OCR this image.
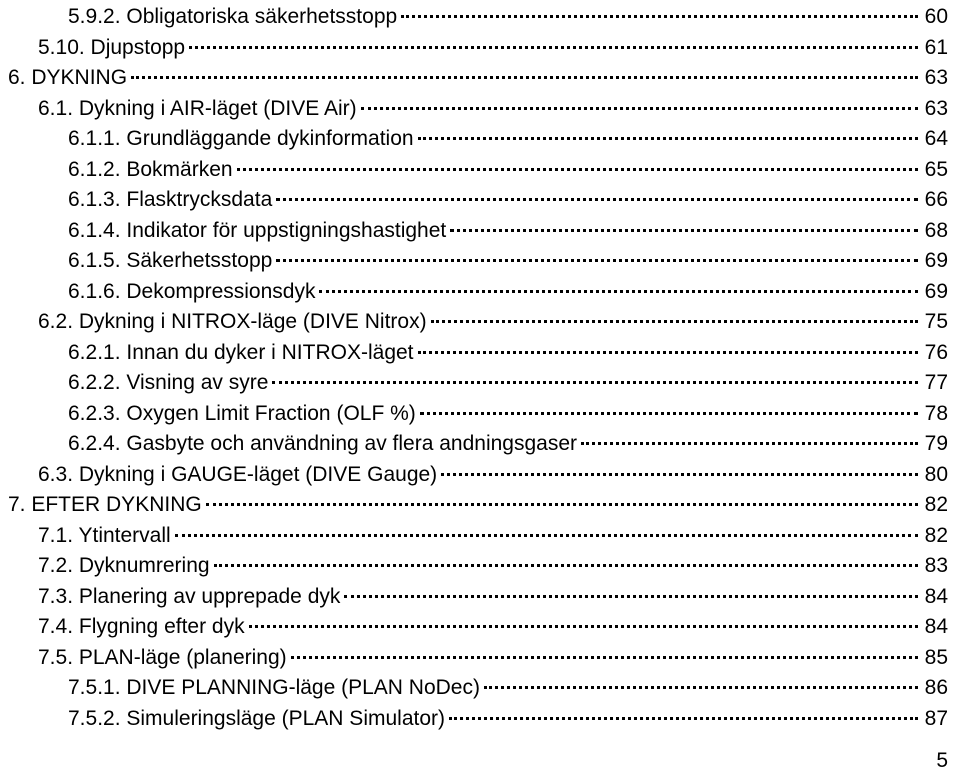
5.9.2. Obligatoriska säkerhetsstopp	60
5.10. Djupstopp	61
6. DYKNING	63
6.1. Dykning i AIR-läget (DIVE Air)	63
6.1.1. Grundläggande dykinformation	64
6.1.2. Bokmärken	65
6.1.3. Flasktrycksdata	66
6.1.4. Indikator för uppstigningshastighet	68
6.1.5. Säkerhetsstopp	69
6.1.6. Dekompressionsdyk	69
6.2. Dykning i NITROX-läge (DIVE Nitrox)	75
6.2.1. Innan du dyker i NITROX-läget	76
6.2.2. Visning av syre	77
6.2.3. Oxygen Limit Fraction (OLF %)	78
6.2.4. Gasbyte och användning av flera andningsgaser	79
6.3. Dykning i GAUGE-läget (DIVE Gauge)	80
7. EFTER DYKNING	82
7.1. Ytintervall	82
7.2. Dyknumrering	83
7.3. Planering av upprepade dyk	84
7.4. Flygning efter dyk	84
7.5. PLAN-läge (planering)	85
7.5.1. DIVE PLANNING-läge (PLAN NoDec)	86
7.5.2. Simuleringsläge (PLAN Simulator)	87
5
